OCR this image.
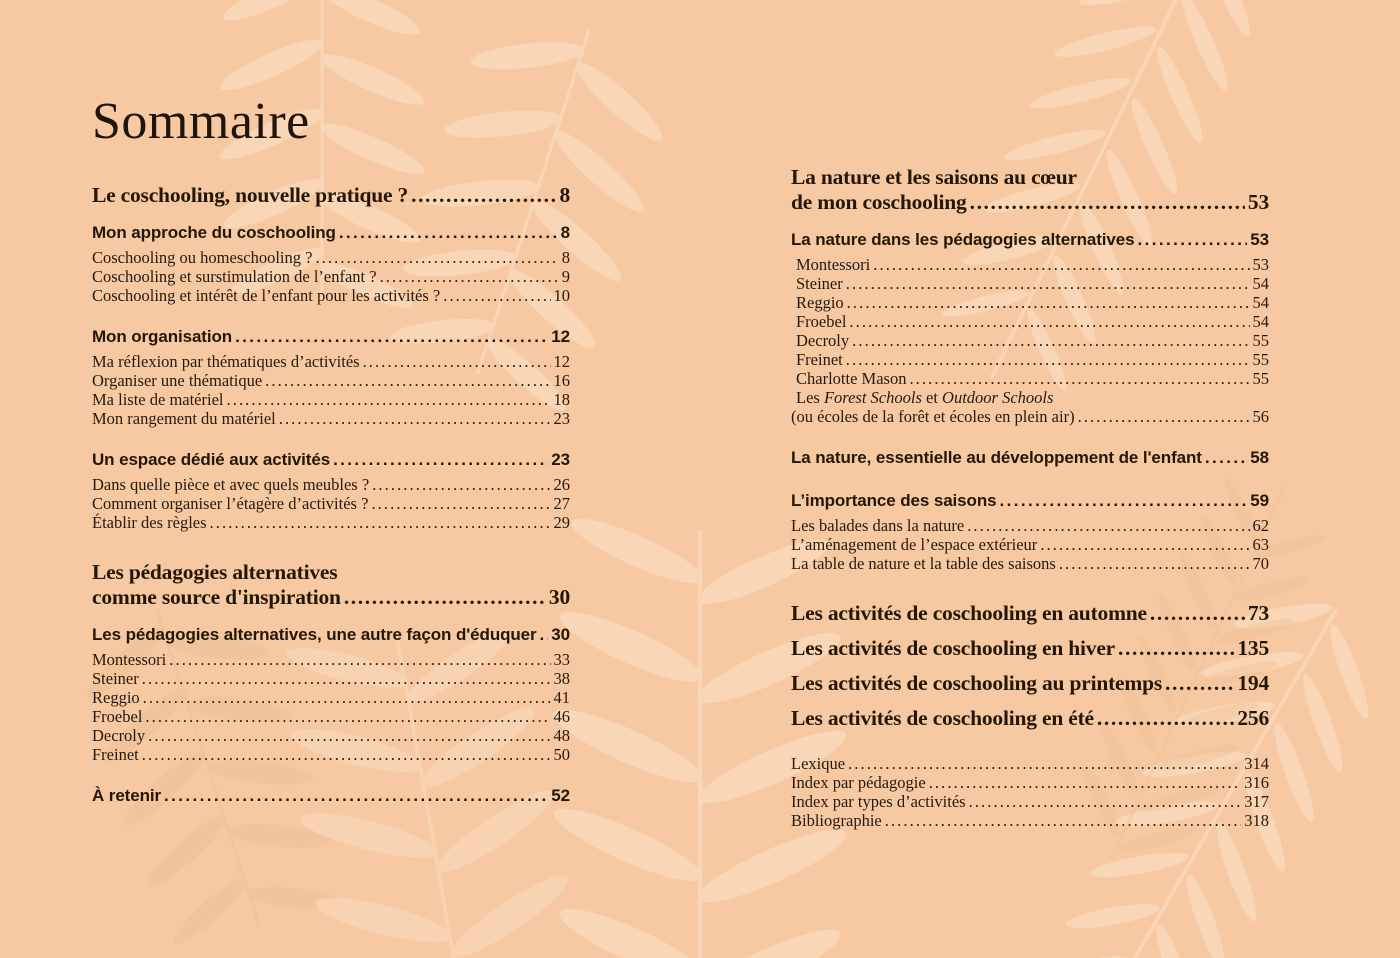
Sommaire
Le coschooling, nouvelle pratique ? .....	8
Mon approche du coschooling .....	8
Coschooling ou homeschooling ? .....	8
Coschooling et surstimulation de l’enfant ? .....	9
Coschooling et intérêt de l’enfant pour les activités ? .....	10
Mon organisation .....	12
Ma réflexion par thématiques d’activités .....	12
Organiser une thématique .....	16
Ma liste de matériel .....	18
Mon rangement du matériel .....	23
Un espace dédié aux activités .....	23
Dans quelle pièce et avec quels meubles ? .....	26
Comment organiser l’étagère d’activités ? .....	27
Établir des règles .....	29
Les pédagogies alternatives
comme source d'inspiration .....	30
Les pédagogies alternatives, une autre façon d'éduquer ..... 30
Montessori .....	33
Steiner .....	38
Reggio .....	41
Froebel .....	46
Decroly .....	48
Freinet .....	50
À retenir .....	52
La nature et les saisons au cœur
de mon coschooling .....	53
La nature dans les pédagogies alternatives .....	53
Montessori .....	53
Steiner .....	54
Reggio .....	54
Froebel .....	54
Decroly .....	55
Freinet .....	55
Charlotte Mason .....	55
Les Forest Schools et Outdoor Schools
(ou écoles de la forêt et écoles en plein air) .....	56
La nature, essentielle au développement de l'enfant .....	58
L’importance des saisons .....	59
Les balades dans la nature .....	62
L’aménagement de l’espace extérieur .....	63
La table de nature et la table des saisons .....	70
Les activités de coschooling en automne .....	73
Les activités de coschooling en hiver .....	135
Les activités de coschooling au printemps .....	194
Les activités de coschooling en été .....	256
Lexique .....	314
Index par pédagogie .....	316
Index par types d’activités .....	317
Bibliographie .....	318
